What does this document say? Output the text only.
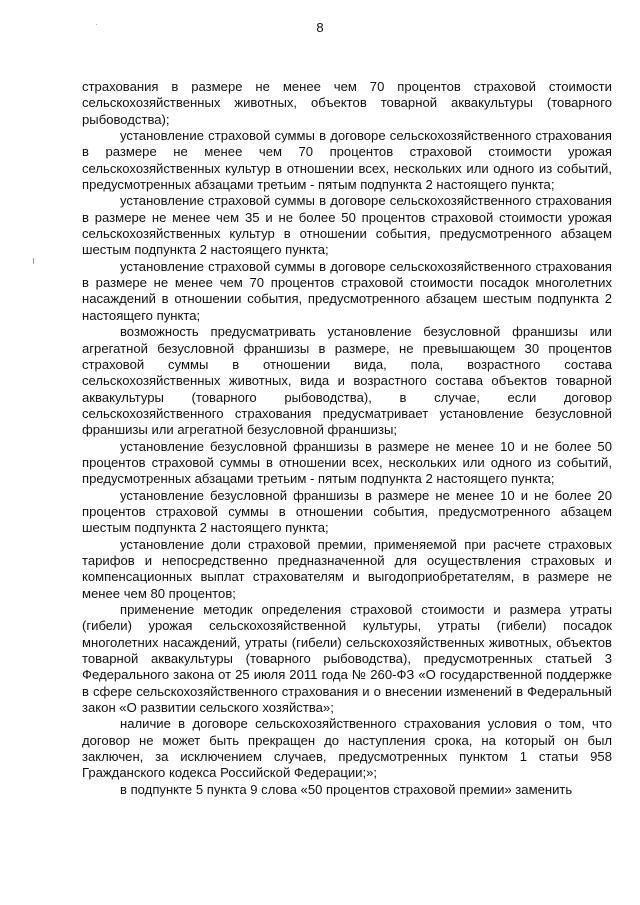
8

страхования в размере не менее чем 70 процентов страховой стоимости сельскохозяйственных животных, объектов товарной аквакультуры (товарного рыбоводства);

установление страховой суммы в договоре сельскохозяйственного страхования в размере не менее чем 70 процентов страховой стоимости урожая сельскохозяйственных культур в отношении всех, нескольких или одного из событий, предусмотренных абзацами третьим - пятым подпункта 2 настоящего пункта;

установление страховой суммы в договоре сельскохозяйственного страхования в размере не менее чем 35 и не более 50 процентов страховой стоимости урожая сельскохозяйственных культур в отношении события, предусмотренного абзацем шестым подпункта 2 настоящего пункта;

установление страховой суммы в договоре сельскохозяйственного страхования в размере не менее чем 70 процентов страховой стоимости посадок многолетних насаждений в отношении события, предусмотренного абзацем шестым подпункта 2 настоящего пункта;

возможность предусматривать установление безусловной франшизы или агрегатной безусловной франшизы в размере, не превышающем 30 процентов страховой суммы в отношении вида, пола, возрастного состава сельскохозяйственных животных, вида и возрастного состава объектов товарной аквакультуры (товарного рыбоводства), в случае, если договор сельскохозяйственного страхования предусматривает установление безусловной франшизы или агрегатной безусловной франшизы;

установление безусловной франшизы в размере не менее 10 и не более 50 процентов страховой суммы в отношении всех, нескольких или одного из событий, предусмотренных абзацами третьим - пятым подпункта 2 настоящего пункта;

установление безусловной франшизы в размере не менее 10 и не более 20 процентов страховой суммы в отношении события, предусмотренного абзацем шестым подпункта 2 настоящего пункта;

установление доли страховой премии, применяемой при расчете страховых тарифов и непосредственно предназначенной для осуществления страховых и компенсационных выплат страхователям и выгодоприобретателям, в размере не менее чем 80 процентов;

применение методик определения страховой стоимости и размера утраты (гибели) урожая сельскохозяйственной культуры, утраты (гибели) посадок многолетних насаждений, утраты (гибели) сельскохозяйственных животных, объектов товарной аквакультуры (товарного рыбоводства), предусмотренных статьей 3 Федерального закона от 25 июля 2011 года № 260-ФЗ «О государственной поддержке в сфере сельскохозяйственного страхования и о внесении изменений в Федеральный закон «О развитии сельского хозяйства»;

наличие в договоре сельскохозяйственного страхования условия о том, что договор не может быть прекращен до наступления срока, на который он был заключен, за исключением случаев, предусмотренных пунктом 1 статьи 958 Гражданского кодекса Российской Федерации;»;

в подпункте 5 пункта 9 слова «50 процентов страховой премии» заменить
